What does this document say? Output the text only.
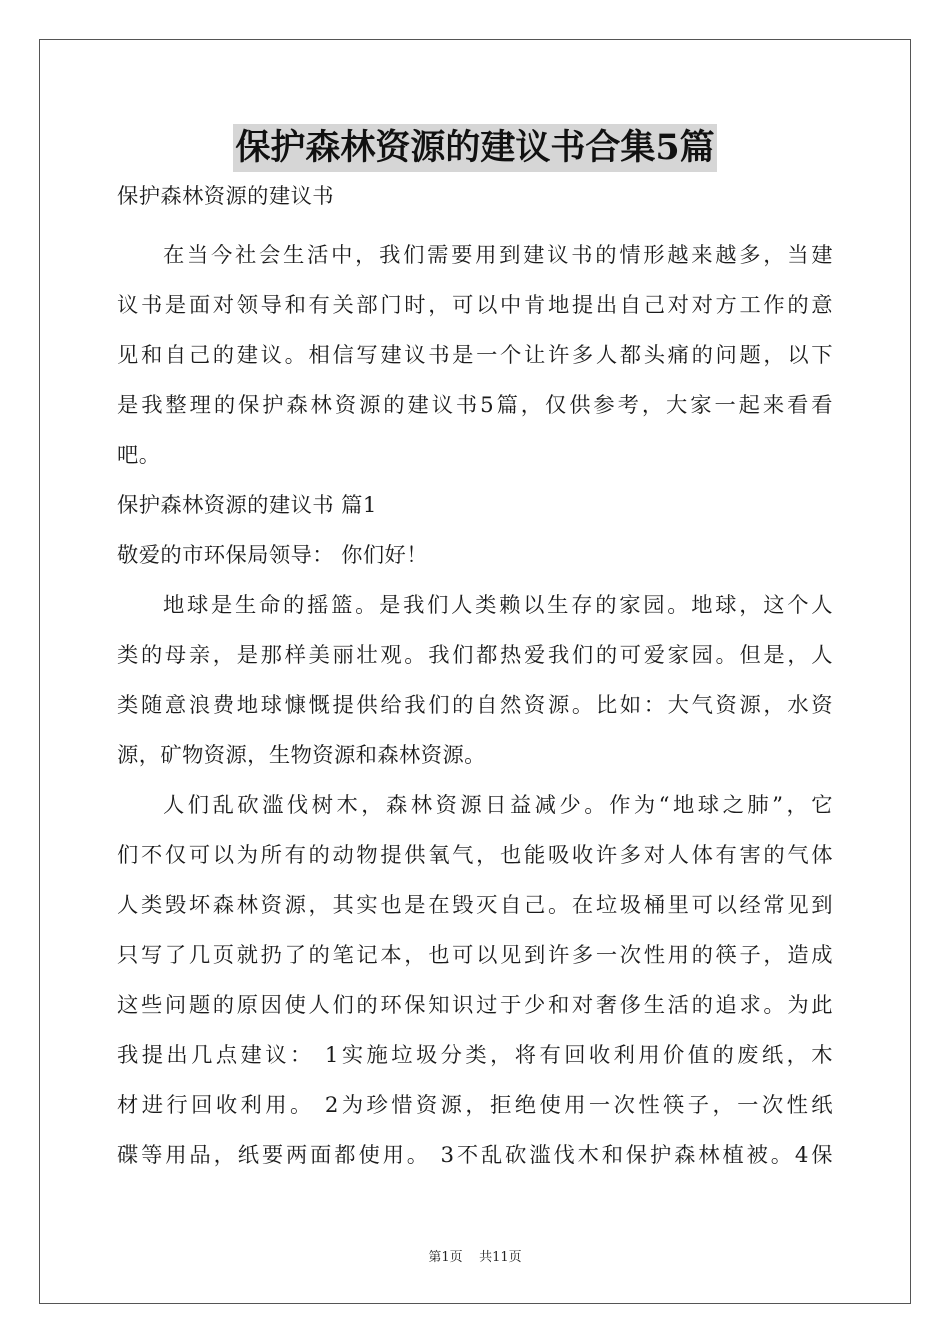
保护森林资源的建议书合集5篇
保护森林资源的建议书
在当今社会生活中，我们需要用到建议书的情形越来越多，当建
议书是面对领导和有关部门时，可以中肯地提出自己对对方工作的意
见和自己的建议。相信写建议书是一个让许多人都头痛的问题，以下
是我整理的保护森林资源的建议书5篇，仅供参考，大家一起来看看
吧。
保护森林资源的建议书 篇1
敬爱的市环保局领导： 你们好！
地球是生命的摇篮。是我们人类赖以生存的家园。地球，这个人
类的母亲，是那样美丽壮观。我们都热爱我们的可爱家园。但是，人
类随意浪费地球慷慨提供给我们的自然资源。比如：大气资源，水资
源，矿物资源，生物资源和森林资源。
人们乱砍滥伐树木，森林资源日益减少。作为“地球之肺”，它
们不仅可以为所有的动物提供氧气，也能吸收许多对人体有害的气体
人类毁坏森林资源，其实也是在毁灭自己。在垃圾桶里可以经常见到
只写了几页就扔了的笔记本，也可以见到许多一次性用的筷子，造成
这些问题的原因使人们的环保知识过于少和对奢侈生活的追求。为此
我提出几点建议： 1实施垃圾分类，将有回收利用价值的废纸，木
材进行回收利用。 2为珍惜资源，拒绝使用一次性筷子，一次性纸
碟等用品，纸要两面都使用。 3不乱砍滥伐木和保护森林植被。4保
第1页 共11页
